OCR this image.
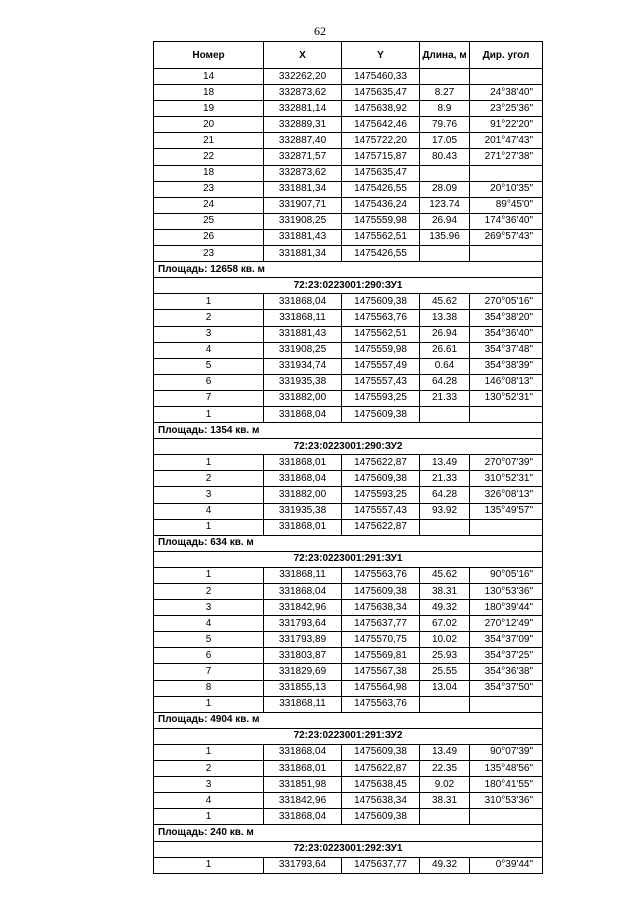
62
Номер	X	Y	Длина, м	Дир. угол
14	332262,20	1475460,33		
18	332873,62	1475635,47	8.27	24°38'40"
19	332881,14	1475638,92	8.9	23°25'36"
20	332889,31	1475642,46	79.76	91°22'20"
21	332887,40	1475722,20	17.05	201°47'43"
22	332871,57	1475715,87	80.43	271°27'38"
18	332873,62	1475635,47		
23	331881,34	1475426,55	28.09	20°10'35"
24	331907,71	1475436,24	123.74	89°45'0"
25	331908,25	1475559,98	26.94	174°36'40"
26	331881,43	1475562,51	135.96	269°57'43"
23	331881,34	1475426,55		
Площадь: 12658 кв. м				
72:23:0223001:290:ЗУ1				
1	331868,04	1475609,38	45.62	270°05'16"
2	331868,11	1475563,76	13.38	354°38'20"
3	331881,43	1475562,51	26.94	354°36'40"
4	331908,25	1475559,98	26.61	354°37'48"
5	331934,74	1475557,49	0.64	354°38'39"
6	331935,38	1475557,43	64.28	146°08'13"
7	331882,00	1475593,25	21.33	130°52'31"
1	331868,04	1475609,38		
Площадь: 1354 кв. м				
72:23:0223001:290:ЗУ2				
1	331868,01	1475622,87	13.49	270°07'39"
2	331868,04	1475609,38	21.33	310°52'31"
3	331882,00	1475593,25	64.28	326°08'13"
4	331935,38	1475557,43	93.92	135°49'57"
1	331868,01	1475622,87		
Площадь: 634 кв. м				
72:23:0223001:291:ЗУ1				
1	331868,11	1475563,76	45.62	90°05'16"
2	331868,04	1475609,38	38.31	130°53'36"
3	331842,96	1475638,34	49.32	180°39'44"
4	331793,64	1475637,77	67.02	270°12'49"
5	331793,89	1475570,75	10.02	354°37'09"
6	331803,87	1475569,81	25.93	354°37'25"
7	331829,69	1475567,38	25.55	354°36'38"
8	331855,13	1475564,98	13.04	354°37'50"
1	331868,11	1475563,76		
Площадь: 4904 кв. м				
72:23:0223001:291:ЗУ2				
1	331868,04	1475609,38	13.49	90°07'39"
2	331868,01	1475622,87	22.35	135°48'56"
3	331851,98	1475638,45	9.02	180°41'55"
4	331842,96	1475638,34	38.31	310°53'36"
1	331868,04	1475609,38		
Площадь: 240 кв. м				
72:23:0223001:292:ЗУ1				
1	331793,64	1475637,77	49.32	0°39'44"
